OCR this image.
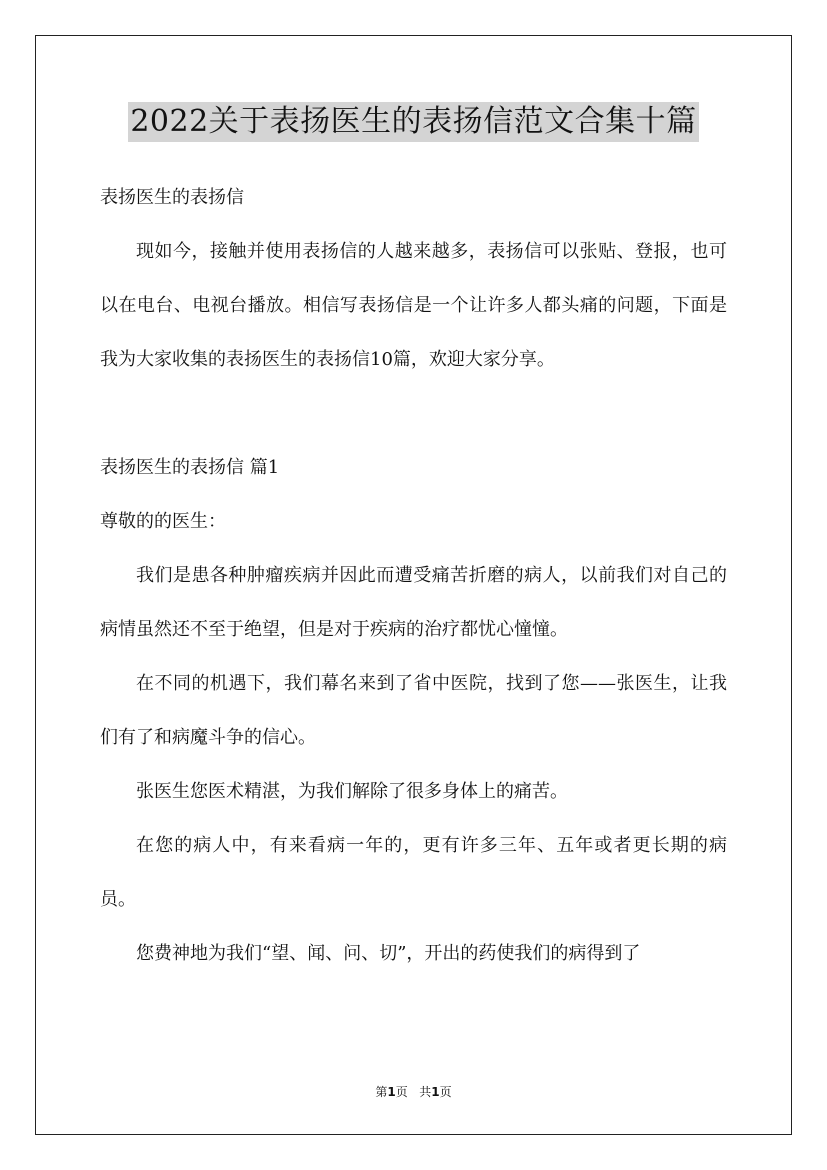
2022关于表扬医生的表扬信范文合集十篇

表扬医生的表扬信

现如今，接触并使用表扬信的人越来越多，表扬信可以张贴、登报，也可以在电台、电视台播放。相信写表扬信是一个让许多人都头痛的问题，下面是我为大家收集的表扬医生的表扬信10篇，欢迎大家分享。

表扬医生的表扬信 篇1

尊敬的的医生：

我们是患各种肿瘤疾病并因此而遭受痛苦折磨的病人，以前我们对自己的病情虽然还不至于绝望，但是对于疾病的治疗都忧心憧憧。

在不同的机遇下，我们幕名来到了省中医院，找到了您——张医生，让我们有了和病魔斗争的信心。

张医生您医术精湛，为我们解除了很多身体上的痛苦。

在您的病人中，有来看病一年的，更有许多三年、五年或者更长期的病员。

您费神地为我们“望、闻、问、切”，开出的药使我们的病得到了

第1页 共1页
